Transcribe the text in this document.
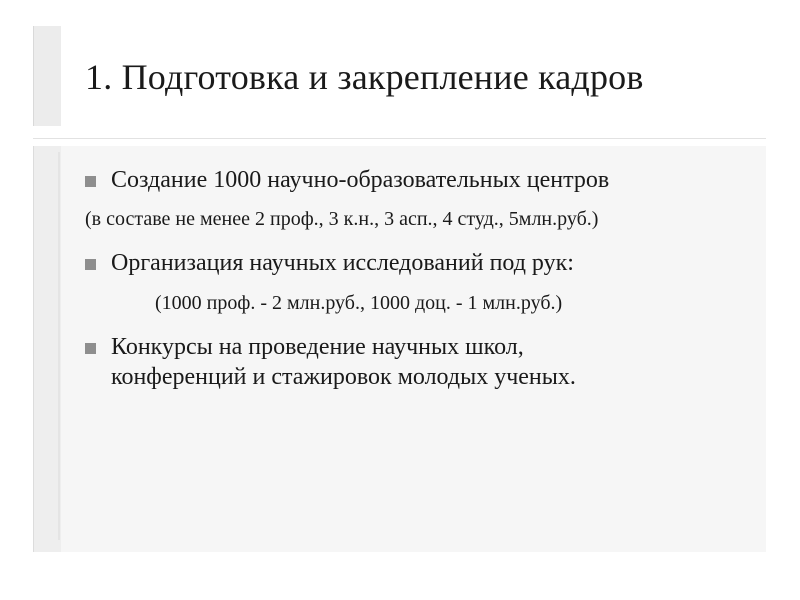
1. Подготовка и закрепление кадров
Создание 1000 научно-образовательных центров
(в составе не менее 2 проф., 3 к.н., 3 асп., 4 студ., 5млн.руб.)
Организация научных исследований под рук:
(1000 проф. - 2 млн.руб., 1000 доц. - 1 млн.руб.)
Конкурсы на проведение научных школ,
конференций и стажировок молодых ученых.
